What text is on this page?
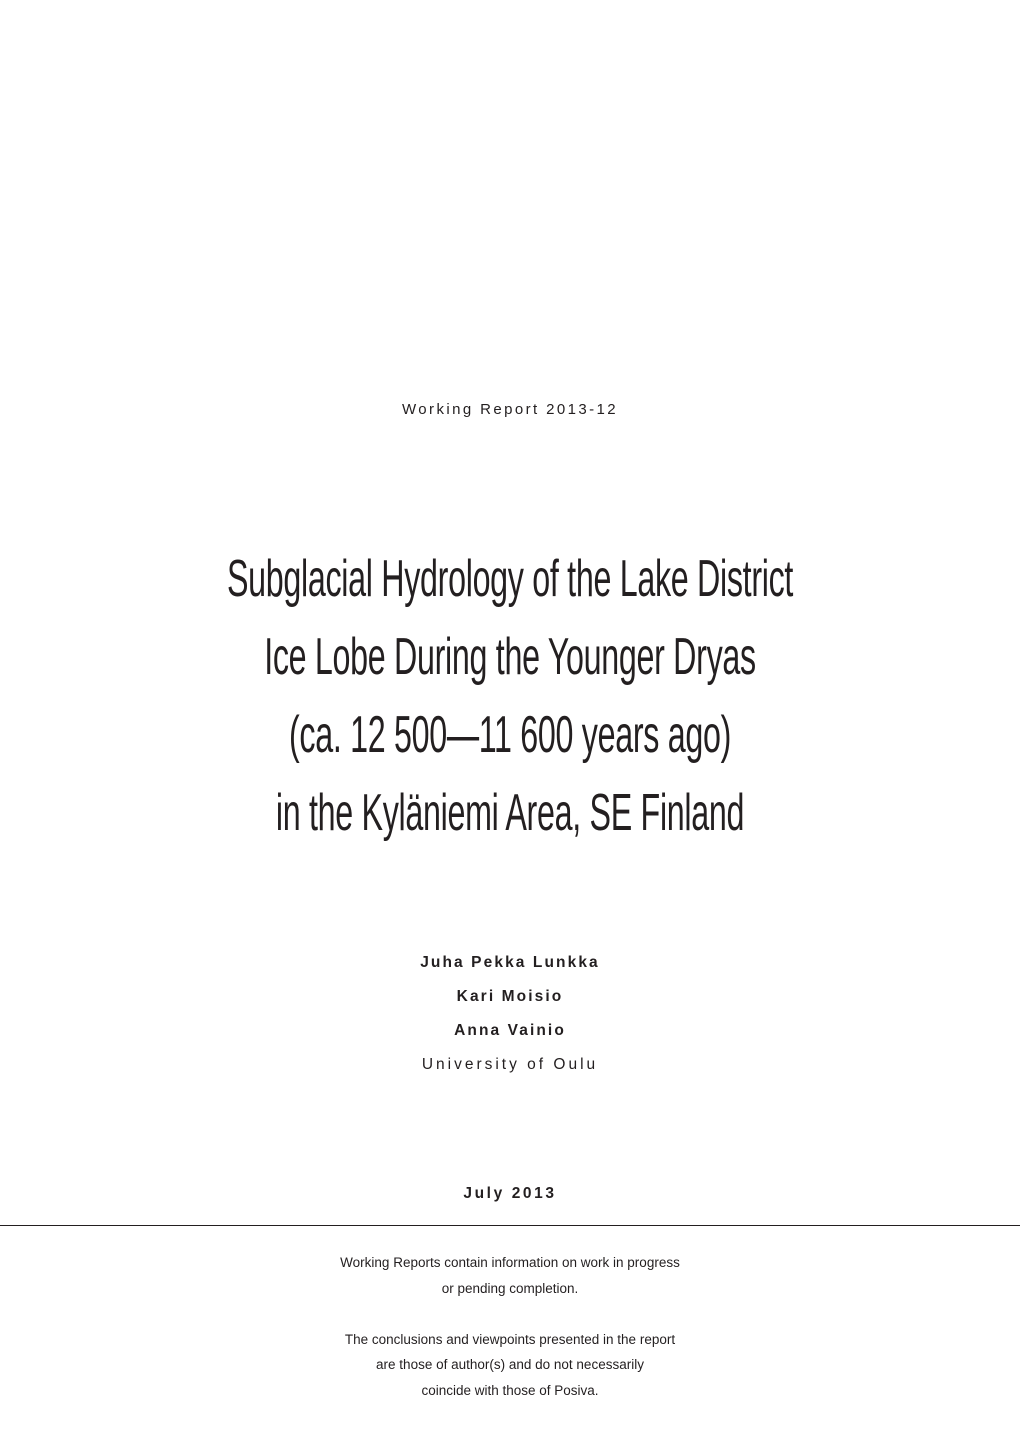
Working Report 2013-12
Subglacial Hydrology of the Lake District
Ice Lobe During the Younger Dryas
(ca. 12 500—11 600 years ago)
in the Kyläniemi Area, SE Finland
Juha Pekka Lunkka
Kari Moisio
Anna Vainio
University of Oulu
July 2013
Working Reports contain information on work in progress
or pending completion.
The conclusions and viewpoints presented in the report
are those of author(s) and do not necessarily
coincide with those of Posiva.
